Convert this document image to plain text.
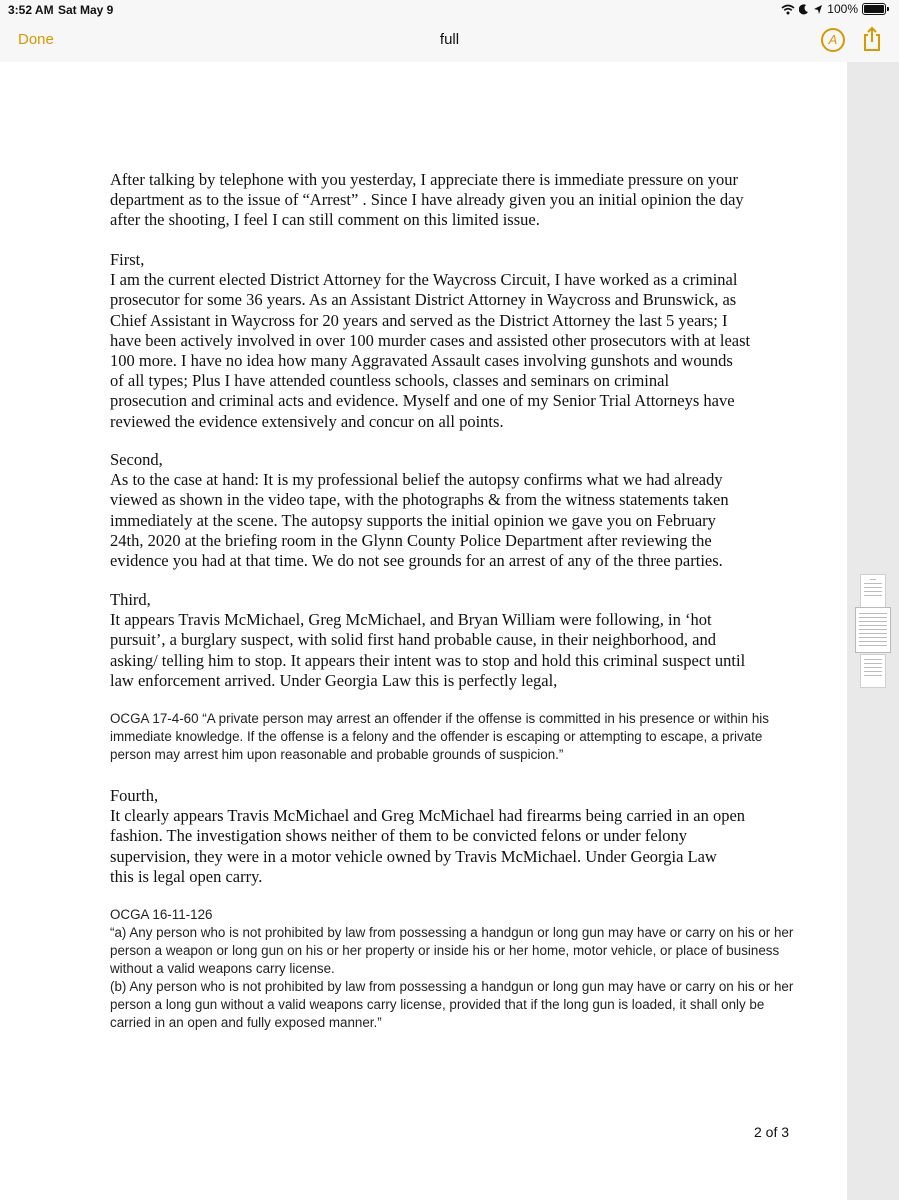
3:52 AM Sat May 9	100%
Done	full	A

After talking by telephone with you yesterday, I appreciate there is immediate pressure on your

department as to the issue of “Arrest” . Since I have already given you an initial opinion the day

after the shooting, I feel I can still comment on this limited issue.

First,

I am the current elected District Attorney for the Waycross Circuit, I have worked as a criminal

prosecutor for some 36 years. As an Assistant District Attorney in Waycross and Brunswick, as

Chief Assistant in Waycross for 20 years and served as the District Attorney the last 5 years; I

have been actively involved in over 100 murder cases and assisted other prosecutors with at least

100 more. I have no idea how many Aggravated Assault cases involving gunshots and wounds

of all types; Plus I have attended countless schools, classes and seminars on criminal

prosecution and criminal acts and evidence. Myself and one of my Senior Trial Attorneys have

reviewed the evidence extensively and concur on all points.

Second,

As to the case at hand: It is my professional belief the autopsy confirms what we had already

viewed as shown in the video tape, with the photographs & from the witness statements taken

immediately at the scene. The autopsy supports the initial opinion we gave you on February

24th, 2020 at the briefing room in the Glynn County Police Department after reviewing the

evidence you had at that time. We do not see grounds for an arrest of any of the three parties.

Third,

It appears Travis McMichael, Greg McMichael, and Bryan William were following, in ‘hot

pursuit’, a burglary suspect, with solid first hand probable cause, in their neighborhood, and

asking/ telling him to stop. It appears their intent was to stop and hold this criminal suspect until

law enforcement arrived. Under Georgia Law this is perfectly legal,

OCGA 17-4-60 “A private person may arrest an offender if the offense is committed in his presence or within his
immediate knowledge. If the offense is a felony and the offender is escaping or attempting to escape, a private
person may arrest him upon reasonable and probable grounds of suspicion.”

Fourth,

It clearly appears Travis McMichael and Greg McMichael had firearms being carried in an open

fashion. The investigation shows neither of them to be convicted felons or under felony

supervision, they were in a motor vehicle owned by Travis McMichael. Under Georgia Law

this is legal open carry.

OCGA 16-11-126
“a) Any person who is not prohibited by law from possessing a handgun or long gun may have or carry on his or her
person a weapon or long gun on his or her property or inside his or her home, motor vehicle, or place of business
without a valid weapons carry license.
(b) Any person who is not prohibited by law from possessing a handgun or long gun may have or carry on his or her
person a long gun without a valid weapons carry license, provided that if the long gun is loaded, it shall only be
carried in an open and fully exposed manner.”
2 of 3
